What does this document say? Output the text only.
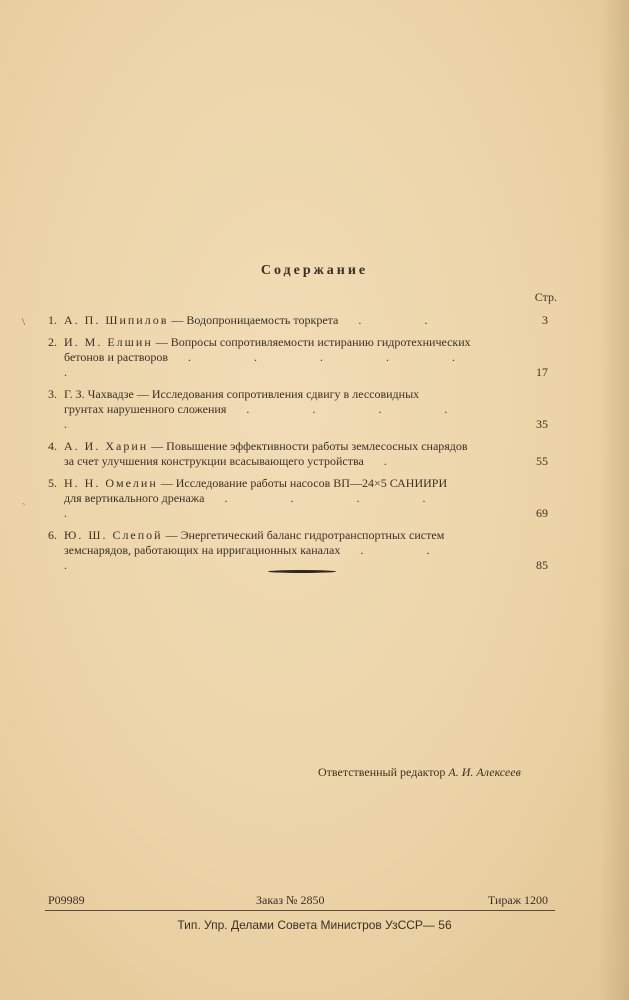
Содержание
Стр.
\
ˋ
1. А. П. Шипилов — Водопроницаемость торкрета . .	3
2. И. М. Елшин — Вопросы сопротивляемости истиранию гидротехнических
бетонов и растворов . . . . . .	17
3. Г. З. Чахвадзе — Исследования сопротивления сдвигу в лессовидных
грунтах нарушенного сложения . . . . .	35
4. А. И. Харин — Повышение эффективности работы землесосных снарядов
за счет улучшения конструкции всасывающего устройства .	55
5. Н. Н. Омелин — Исследование работы насосов ВП—24×5 САНИИРИ
для вертикального дренажа . . . . .	69
6. Ю. Ш. Слепой — Энергетический баланс гидротранспортных систем
земснарядов, работающих на ирригационных каналах . . .	85
Ответственный редактор А. И. Алексеев
Р09989	Заказ № 2850	Тираж 1200
Тип. Упр. Делами Совета Министров УзССР— 56
